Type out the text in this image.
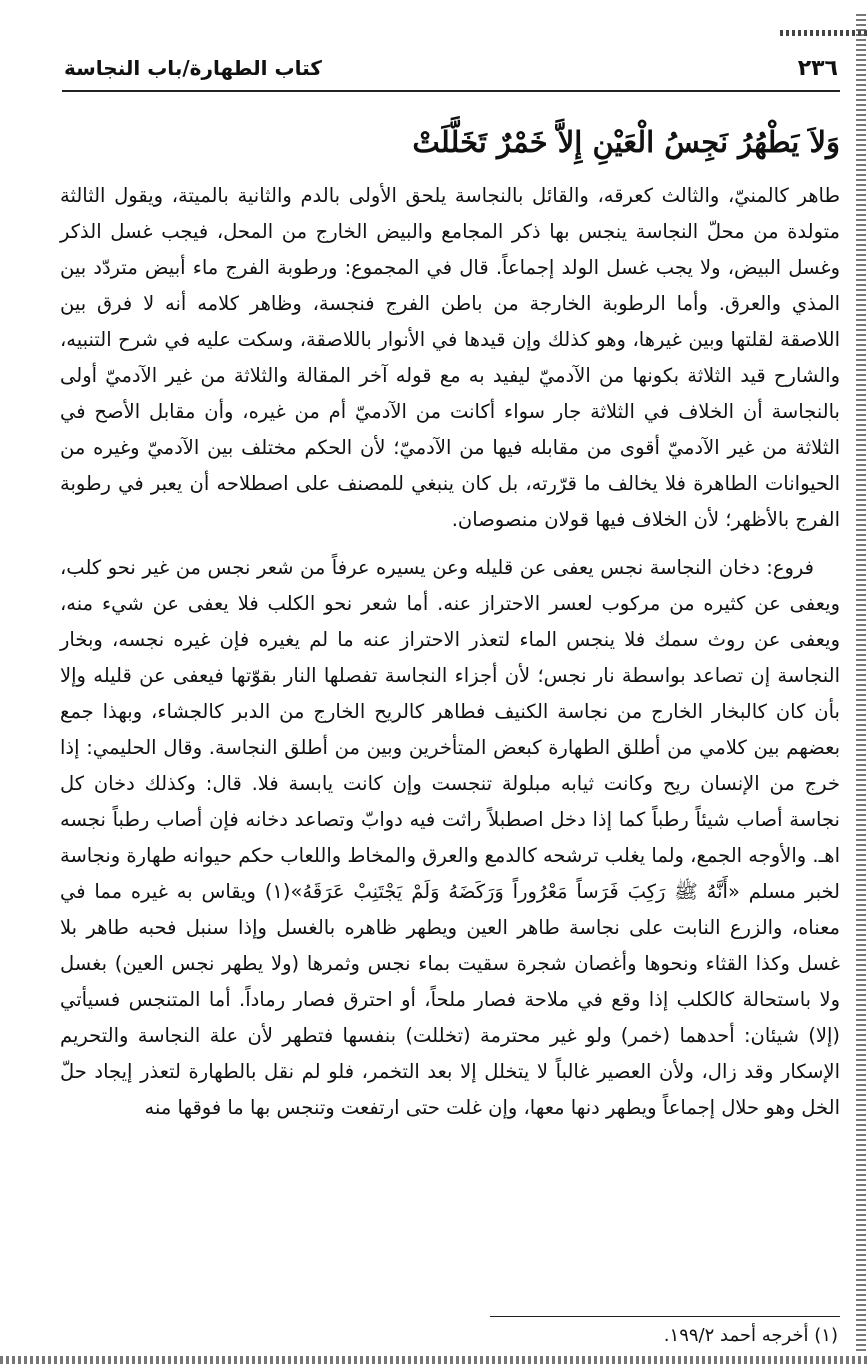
٢٣٦
كتاب الطهارة/باب النجاسة
وَلاَ يَطْهُرُ نَجِسُ الْعَيْنِ إِلاَّ خَمْرٌ تَخَلَّلَتْ

طاهر كالمنيّ، والثالث كعرقه، والقائل بالنجاسة يلحق الأولى بالدم والثانية بالميتة، ويقول الثالثة متولدة من محلّ النجاسة ينجس بها ذكر المجامع والبيض الخارج من المحل، فيجب غسل الذكر وغسل البيض، ولا يجب غسل الولد إجماعاً. قال في المجموع: ورطوبة الفرج ماء أبيض متردّد بين المذي والعرق. وأما الرطوبة الخارجة من باطن الفرج فنجسة، وظاهر كلامه أنه لا فرق بين اللاصقة لقلتها وبين غيرها، وهو كذلك وإن قيدها في الأنوار باللاصقة، وسكت عليه في شرح التنبيه، والشارح قيد الثلاثة بكونها من الآدميّ ليفيد به مع قوله آخر المقالة والثلاثة من غير الآدميّ أولى بالنجاسة أن الخلاف في الثلاثة جار سواء أكانت من الآدميّ أم من غيره، وأن مقابل الأصح في الثلاثة من غير الآدميّ أقوى من مقابله فيها من الآدميّ؛ لأن الحكم مختلف بين الآدميّ وغيره من الحيوانات الطاهرة فلا يخالف ما قرّرته، بل كان ينبغي للمصنف على اصطلاحه أن يعبر في رطوبة الفرج بالأظهر؛ لأن الخلاف فيها قولان منصوصان.

فروع: دخان النجاسة نجس يعفى عن قليله وعن يسيره عرفاً من شعر نجس من غير نحو كلب، ويعفى عن كثيره من مركوب لعسر الاحتراز عنه. أما شعر نحو الكلب فلا يعفى عن شيء منه، ويعفى عن روث سمك فلا ينجس الماء لتعذر الاحتراز عنه ما لم يغيره فإن غيره نجسه، وبخار النجاسة إن تصاعد بواسطة نار نجس؛ لأن أجزاء النجاسة تفصلها النار بقوّتها فيعفى عن قليله وإلا بأن كان كالبخار الخارج من نجاسة الكنيف فطاهر كالريح الخارج من الدبر كالجشاء، وبهذا جمع بعضهم بين كلامي من أطلق الطهارة كبعض المتأخرين وبين من أطلق النجاسة. وقال الحليمي: إذا خرج من الإنسان ريح وكانت ثيابه مبلولة تنجست وإن كانت يابسة فلا. قال: وكذلك دخان كل نجاسة أصاب شيئاً رطباً كما إذا دخل اصطبلاً راثت فيه دوابّ وتصاعد دخانه فإن أصاب رطباً نجسه اهـ. والأوجه الجمع، ولما يغلب ترشحه كالدمع والعرق والمخاط واللعاب حكم حيوانه طهارة ونجاسة لخبر مسلم «أَنَّهُ ﷺ رَكِبَ فَرَساً مَعْرُوراً وَرَكَضَهُ وَلَمْ يَجْتَنِبْ عَرَقَهُ»(١) ويقاس به غيره مما في معناه، والزرع النابت على نجاسة طاهر العين ويطهر ظاهره بالغسل وإذا سنبل فحبه طاهر بلا غسل وكذا القثاء ونحوها وأغصان شجرة سقيت بماء نجس وثمرها (ولا يطهر نجس العين) بغسل ولا باستحالة كالكلب إذا وقع في ملاحة فصار ملحاً، أو احترق فصار رماداً. أما المتنجس فسيأتي (إلا) شيئان: أحدهما (خمر) ولو غير محترمة (تخللت) بنفسها فتطهر لأن علة النجاسة والتحريم الإسكار وقد زال، ولأن العصير غالباً لا يتخلل إلا بعد التخمر، فلو لم نقل بالطهارة لتعذر إيجاد حلّ الخل وهو حلال إجماعاً ويطهر دنها معها، وإن غلت حتى ارتفعت وتنجس بها ما فوقها منه

(١) أخرجه أحمد ١٩٩/٢.
